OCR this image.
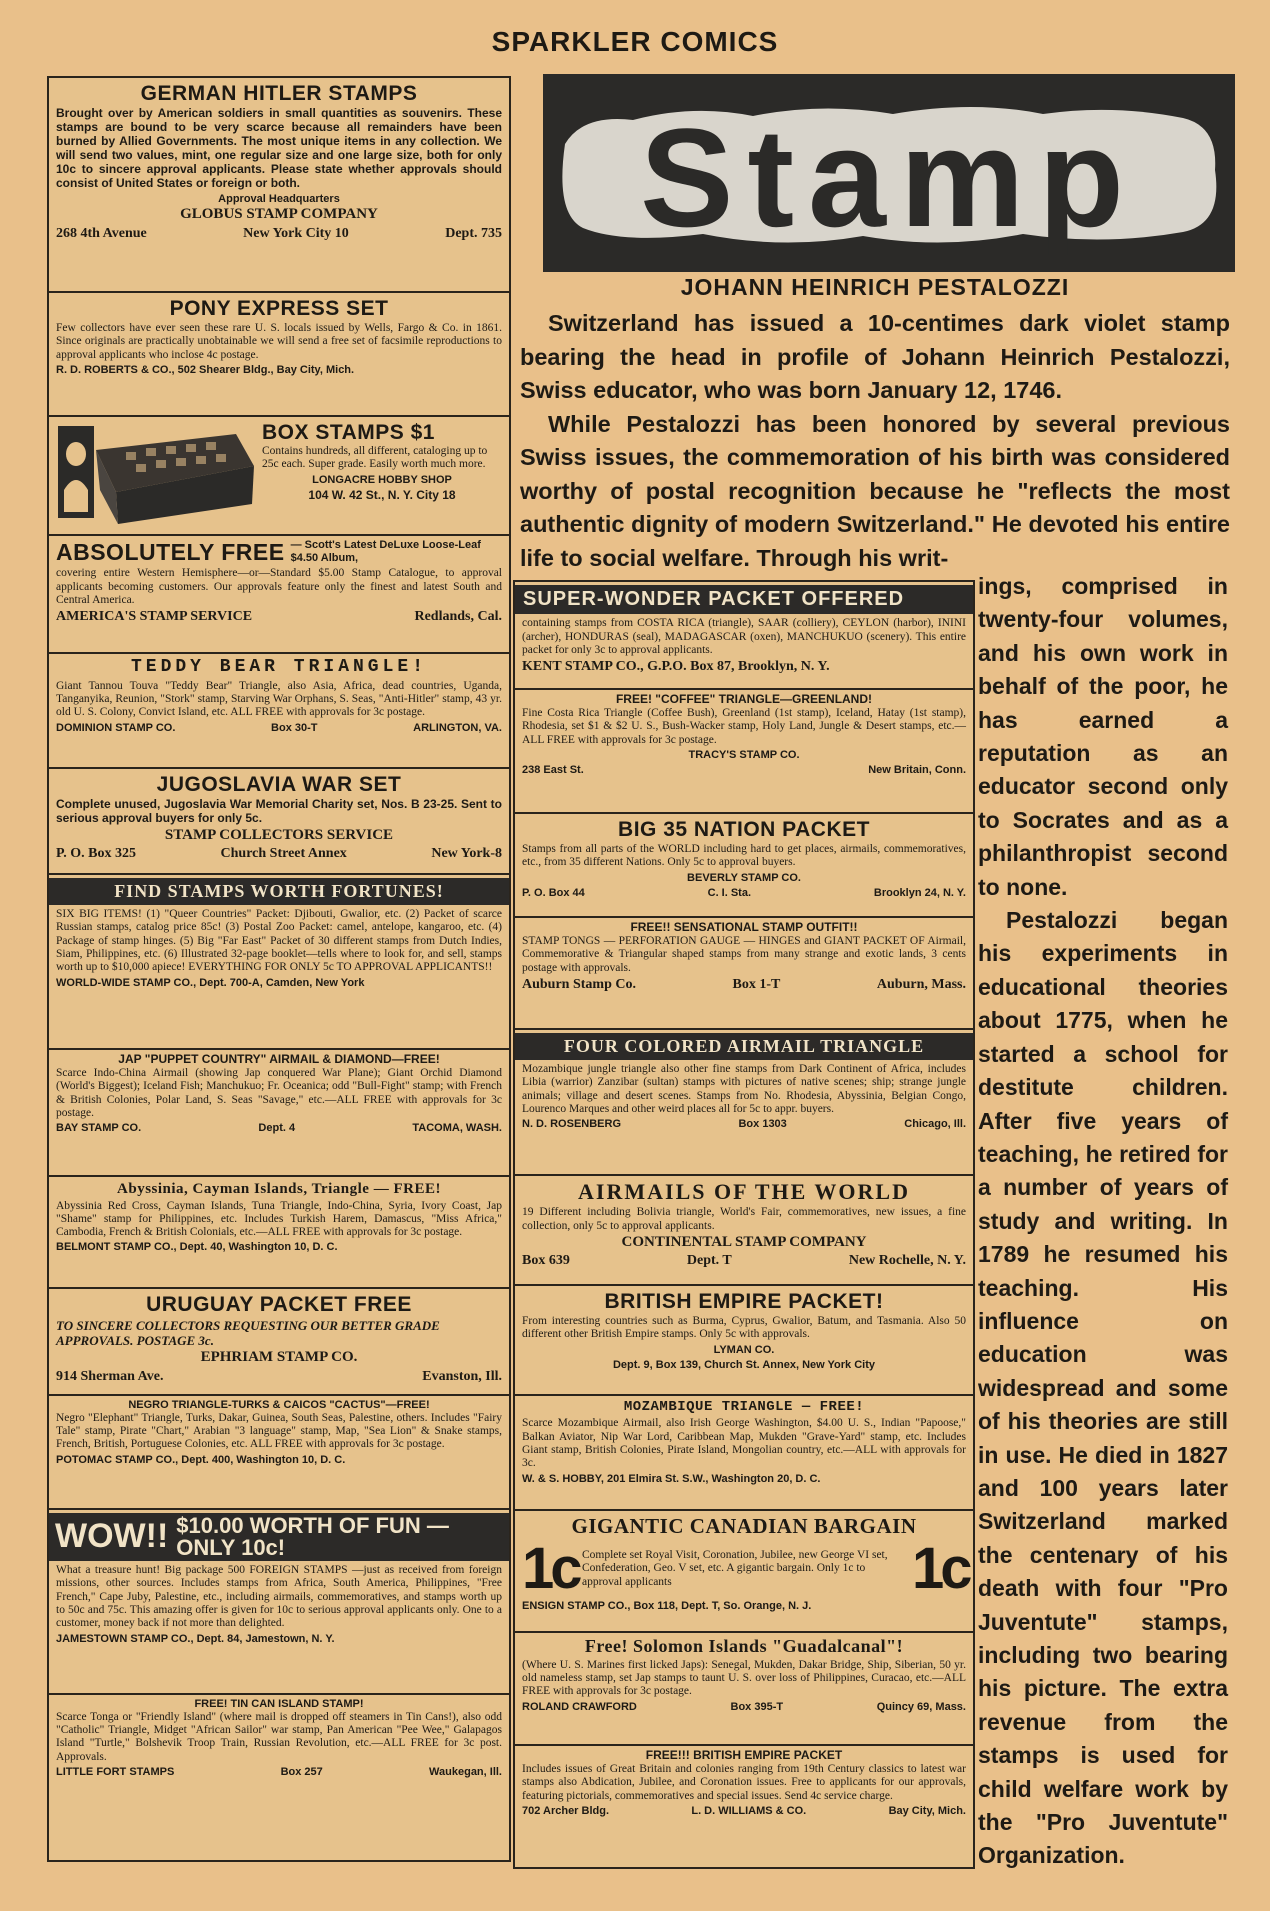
SPARKLER COMICS
GERMAN HITLER STAMPS
Brought over by American soldiers in small quantities as souvenirs. These stamps are bound to be very scarce because all remainders have been burned by Allied Governments. The most unique items in any collection. We will send two values, mint, one regular size and one large size, both for only 10c to sincere approval applicants. Please state whether approvals should consist of United States or foreign or both.
Approval Headquarters
GLOBUS STAMP COMPANY
268 4th Avenue	New York City 10	Dept. 735
PONY EXPRESS SET
Few collectors have ever seen these rare U. S. locals issued by Wells, Fargo & Co. in 1861. Since originals are practically unobtainable we will send a free set of facsimile reproductions to approval applicants who inclose 4c postage.
R. D. ROBERTS & CO., 502 Shearer Bldg., Bay City, Mich.
BOX STAMPS $1
Contains hundreds, all different, cataloging up to 25c each. Super grade. Easily worth much more.
LONGACRE HOBBY SHOP
104 W. 42 St., N. Y. City 18
ABSOLUTELY FREE — Scott's Latest DeLuxe Loose-Leaf $4.50 Album,
covering entire Western Hemisphere—or—Standard $5.00 Stamp Catalogue, to approval applicants becoming customers. Our approvals feature only the finest and latest South and Central America.
AMERICA'S STAMP SERVICE	Redlands, Cal.
TEDDY BEAR TRIANGLE!
Giant Tannou Touva "Teddy Bear" Triangle, also Asia, Africa, dead countries, Uganda, Tanganyika, Reunion, "Stork" stamp, Starving War Orphans, S. Seas, "Anti-Hitler" stamp, 43 yr. old U. S. Colony, Convict Island, etc. ALL FREE with approvals for 3c postage.
DOMINION STAMP CO.	Box 30-T	ARLINGTON, VA.
JUGOSLAVIA WAR SET
Complete unused, Jugoslavia War Memorial Charity set, Nos. B 23-25. Sent to serious approval buyers for only 5c.
STAMP COLLECTORS SERVICE
P. O. Box 325	Church Street Annex	New York-8
FIND STAMPS WORTH FORTUNES!
SIX BIG ITEMS! (1) "Queer Countries" Packet: Djibouti, Gwalior, etc. (2) Packet of scarce Russian stamps, catalog price 85c! (3) Postal Zoo Packet: camel, antelope, kangaroo, etc. (4) Package of stamp hinges. (5) Big "Far East" Packet of 30 different stamps from Dutch Indies, Siam, Philippines, etc. (6) Illustrated 32-page booklet—tells where to look for, and sell, stamps worth up to $10,000 apiece! EVERYTHING FOR ONLY 5c TO APPROVAL APPLICANTS!!
WORLD-WIDE STAMP CO., Dept. 700-A, Camden, New York
JAP "PUPPET COUNTRY" AIRMAIL & DIAMOND—FREE!
Scarce Indo-China Airmail (showing Jap conquered War Plane); Giant Orchid Diamond (World's Biggest); Iceland Fish; Manchukuo; Fr. Oceanica; odd "Bull-Fight" stamp; with French & British Colonies, Polar Land, S. Seas "Savage," etc.—ALL FREE with approvals for 3c postage.
BAY STAMP CO.	Dept. 4	TACOMA, WASH.
Abyssinia, Cayman Islands, Triangle — FREE!
Abyssinia Red Cross, Cayman Islands, Tuna Triangle, Indo-China, Syria, Ivory Coast, Jap "Shame" stamp for Philippines, etc. Includes Turkish Harem, Damascus, "Miss Africa," Cambodia, French & British Colonials, etc.—ALL FREE with approvals for 3c postage.
BELMONT STAMP CO., Dept. 40, Washington 10, D. C.
URUGUAY PACKET FREE
TO SINCERE COLLECTORS REQUESTING OUR BETTER GRADE APPROVALS. POSTAGE 3c.
EPHRIAM STAMP CO.
914 Sherman Ave.	Evanston, Ill.
NEGRO TRIANGLE-TURKS & CAICOS "CACTUS"—FREE!
Negro "Elephant" Triangle, Turks, Dakar, Guinea, South Seas, Palestine, others. Includes "Fairy Tale" stamp, Pirate "Chart," Arabian "3 language" stamp, Map, "Sea Lion" & Snake stamps, French, British, Portuguese Colonies, etc. ALL FREE with approvals for 3c postage.
POTOMAC STAMP CO., Dept. 400, Washington 10, D. C.
WOW!! $10.00 WORTH OF FUN — ONLY 10c!
What a treasure hunt! Big package 500 FOREIGN STAMPS —just as received from foreign missions, other sources. Includes stamps from Africa, South America, Philippines, "Free French," Cape Juby, Palestine, etc., including airmails, commemoratives, and stamps worth up to 50c and 75c. This amazing offer is given for 10c to serious approval applicants only. One to a customer, money back if not more than delighted.
JAMESTOWN STAMP CO., Dept. 84, Jamestown, N. Y.
FREE! TIN CAN ISLAND STAMP!
Scarce Tonga or "Friendly Island" (where mail is dropped off steamers in Tin Cans!), also odd "Catholic" Triangle, Midget "African Sailor" war stamp, Pan American "Pee Wee," Galapagos Island "Turtle," Bolshevik Troop Train, Russian Revolution, etc.—ALL FREE for 3c post. Approvals.
LITTLE FORT STAMPS	Box 257	Waukegan, Ill.
Stamp
JOHANN HEINRICH PESTALOZZI
Switzerland has issued a 10-centimes dark violet stamp bearing the head in profile of Johann Heinrich Pestalozzi, Swiss educator, who was born January 12, 1746.
While Pestalozzi has been honored by several previous Swiss issues, the commemoration of his birth was considered worthy of postal recognition because he "reflects the most authentic dignity of modern Switzerland." He devoted his entire life to social welfare. Through his writ-
SUPER-WONDER PACKET OFFERED
containing stamps from COSTA RICA (triangle), SAAR (colliery), CEYLON (harbor), ININI (archer), HONDURAS (seal), MADAGASCAR (oxen), MANCHUKUO (scenery). This entire packet for only 3c to approval applicants.
KENT STAMP CO., G.P.O. Box 87, Brooklyn, N. Y.
FREE! "COFFEE" TRIANGLE—GREENLAND!
Fine Costa Rica Triangle (Coffee Bush), Greenland (1st stamp), Iceland, Hatay (1st stamp), Rhodesia, set $1 & $2 U. S., Bush-Wacker stamp, Holy Land, Jungle & Desert stamps, etc.—ALL FREE with approvals for 3c postage.
TRACY'S STAMP CO.
238 East St.	New Britain, Conn.
BIG 35 NATION PACKET
Stamps from all parts of the WORLD including hard to get places, airmails, commemoratives, etc., from 35 different Nations. Only 5c to approval buyers.
BEVERLY STAMP CO.
P. O. Box 44	C. I. Sta.	Brooklyn 24, N. Y.
FREE!! SENSATIONAL STAMP OUTFIT!!
STAMP TONGS — PERFORATION GAUGE — HINGES and GIANT PACKET OF Airmail, Commemorative & Triangular shaped stamps from many strange and exotic lands, 3 cents postage with approvals.
Auburn Stamp Co.	Box 1-T	Auburn, Mass.
FOUR COLORED AIRMAIL TRIANGLE
Mozambique jungle triangle also other fine stamps from Dark Continent of Africa, includes Libia (warrior) Zanzibar (sultan) stamps with pictures of native scenes; ship; strange jungle animals; village and desert scenes. Stamps from No. Rhodesia, Abyssinia, Belgian Congo, Lourenco Marques and other weird places all for 5c to appr. buyers.
N. D. ROSENBERG	Box 1303	Chicago, Ill.
AIRMAILS OF THE WORLD
19 Different including Bolivia triangle, World's Fair, commemoratives, new issues, a fine collection, only 5c to approval applicants.
CONTINENTAL STAMP COMPANY
Box 639	Dept. T	New Rochelle, N. Y.
BRITISH EMPIRE PACKET!
From interesting countries such as Burma, Cyprus, Gwalior, Batum, and Tasmania. Also 50 different other British Empire stamps. Only 5c with approvals.
LYMAN CO.
Dept. 9, Box 139, Church St. Annex, New York City
MOZAMBIQUE TRIANGLE — FREE!
Scarce Mozambique Airmail, also Irish George Washington, $4.00 U. S., Indian "Papoose," Balkan Aviator, Nip War Lord, Caribbean Map, Mukden "Grave-Yard" stamp, etc. Includes Giant stamp, British Colonies, Pirate Island, Mongolian country, etc.—ALL with approvals for 3c.
W. & S. HOBBY, 201 Elmira St. S.W., Washington 20, D. C.
GIGANTIC CANADIAN BARGAIN
1c Complete set Royal Visit, Coronation, Jubilee, new George VI set, Confederation, Geo. V set, etc. A gigantic bargain. Only 1c to approval applicants	1c
ENSIGN STAMP CO., Box 118, Dept. T, So. Orange, N. J.
Free! Solomon Islands "Guadalcanal"!
(Where U. S. Marines first licked Japs): Senegal, Mukden, Dakar Bridge, Ship, Siberian, 50 yr. old nameless stamp, set Jap stamps to taunt U. S. over loss of Philippines, Curacao, etc.—ALL FREE with approvals for 3c postage.
ROLAND CRAWFORD	Box 395-T	Quincy 69, Mass.
FREE!!! BRITISH EMPIRE PACKET
Includes issues of Great Britain and colonies ranging from 19th Century classics to latest war stamps also Abdication, Jubilee, and Coronation issues. Free to applicants for our approvals, featuring pictorials, commemoratives and special issues. Send 4c service charge.
702 Archer Bldg.	L. D. WILLIAMS & CO.	Bay City, Mich.
ings, comprised in twenty-four volumes, and his own work in behalf of the poor, he has earned a reputation as an educator second only to Socrates and as a philanthropist second to none.
Pestalozzi began his experiments in educational theories about 1775, when he started a school for destitute children. After five years of teaching, he retired for a number of years of study and writing. In 1789 he resumed his teaching. His influence on education was widespread and some of his theories are still in use. He died in 1827 and 100 years later Switzerland marked the centenary of his death with four "Pro Juventute" stamps, including two bearing his picture. The extra revenue from the stamps is used for child welfare work by the "Pro Juventute" Organization.
